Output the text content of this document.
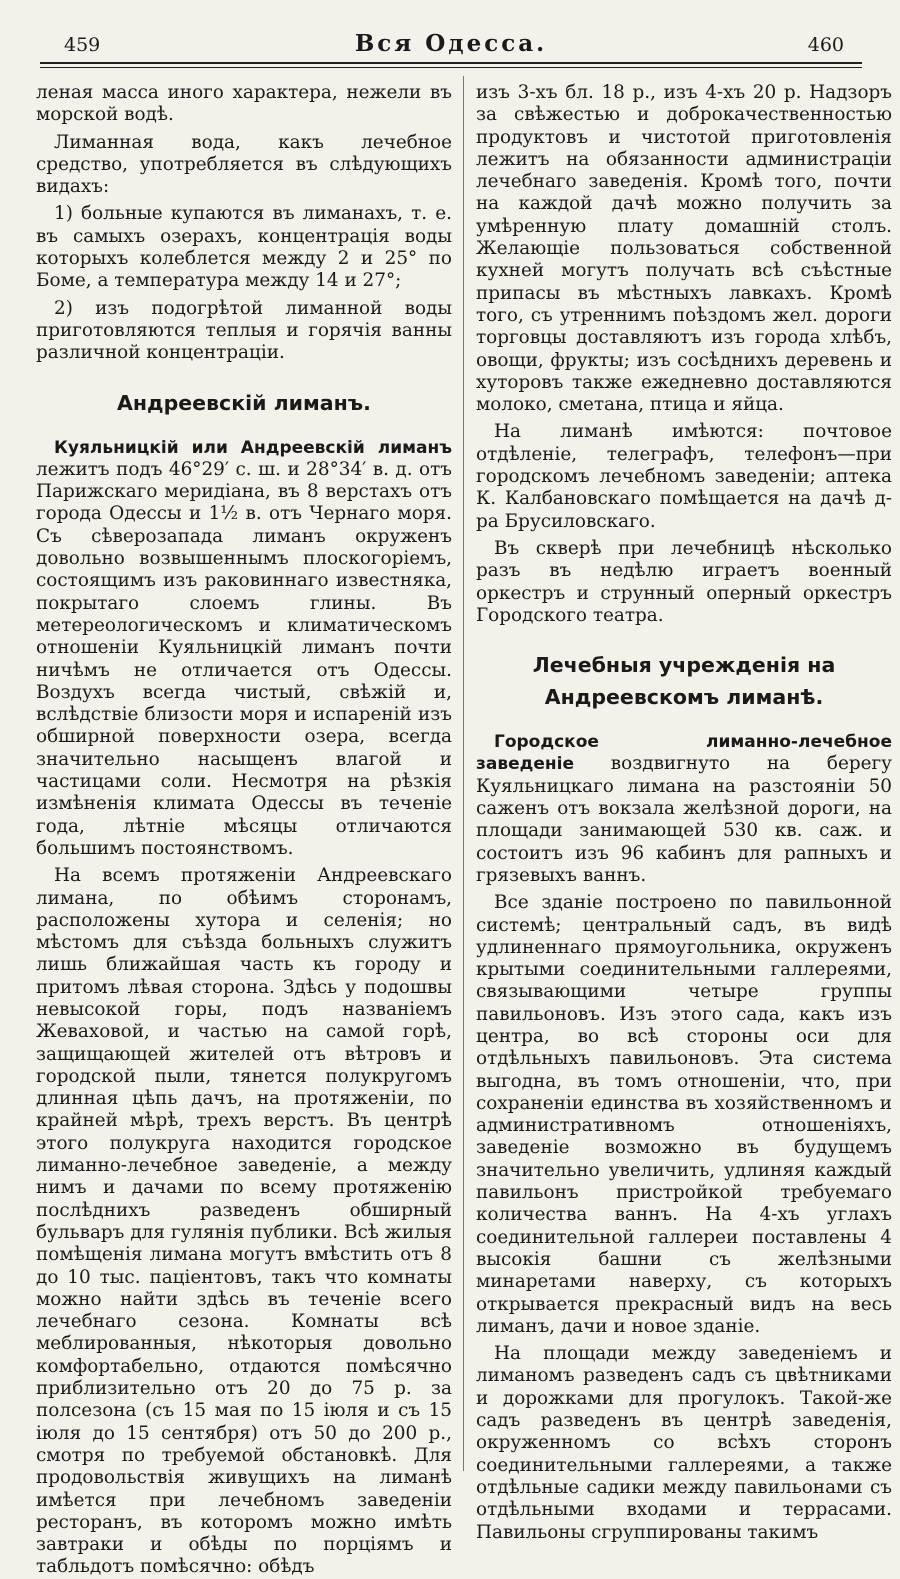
459	Вся Одесса.	460

леная масса иного характера, нежели въ морской водѣ.

Лиманная вода, какъ лечебное средство, употребляется въ слѣдующихъ видахъ:

1) больные купаются въ лиманахъ, т. е. въ самыхъ озерахъ, концентрація воды которыхъ колеблется между 2 и 25° по Боме, а температура между 14 и 27°;

2) изъ подогрѣтой лиманной воды приготовляются теплыя и горячія ванны различной концентраціи.

Андреевскій лиманъ.

Куяльницкій или Андреевскій лиманъ лежитъ подъ 46°29′ с. ш. и 28°34′ в. д. отъ Парижскаго меридіана, въ 8 верстахъ отъ города Одессы и 1½ в. отъ Чернаго моря. Съ сѣверозапада лиманъ окруженъ довольно возвышеннымъ плоскогоріемъ, состоящимъ изъ раковиннаго известняка, покрытаго слоемъ глины. Въ метереологическомъ и климатическомъ отношеніи Куяльницкій лиманъ почти ничѣмъ не отличается отъ Одессы. Воздухъ всегда чистый, свѣжій и, вслѣдствіе близости моря и испареній изъ обширной поверхности озера, всегда значительно насыщенъ влагой и частицами соли. Несмотря на рѣзкія измѣненія климата Одессы въ теченіе года, лѣтніе мѣсяцы отличаются большимъ постоянствомъ.

На всемъ протяженіи Андреевскаго лимана, по обѣимъ сторонамъ, расположены хутора и селенія; но мѣстомъ для съѣзда больныхъ служитъ лишь ближайшая часть къ городу и притомъ лѣвая сторона. Здѣсь у подошвы невысокой горы, подъ названіемъ Жеваховой, и частью на самой горѣ, защищающей жителей отъ вѣтровъ и городской пыли, тянется полукругомъ длинная цѣпь дачъ, на протяженіи, по крайней мѣрѣ, трехъ верстъ. Въ центрѣ этого полукруга находится городское лиманно-лечебное заведеніе, а между нимъ и дачами по всему протяженію послѣднихъ разведенъ обширный бульваръ для гулянія публики. Всѣ жилыя помѣщенія лимана могутъ вмѣстить отъ 8 до 10 тыс. паціентовъ, такъ что комнаты можно найти здѣсь въ теченіе всего лечебнаго сезона. Комнаты всѣ меблированныя, нѣкоторыя довольно комфортабельно, отдаются помѣсячно приблизительно отъ 20 до 75 р. за полсезона (съ 15 мая по 15 іюля и съ 15 іюля до 15 сентября) отъ 50 до 200 р., смотря по требуемой обстановкѣ. Для продовольствія живущихъ на лиманѣ имѣется при лечебномъ заведеніи ресторанъ, въ которомъ можно имѣть завтраки и обѣды по порціямъ и табльдотъ помѣсячно: обѣдъ

изъ 3-хъ бл. 18 р., изъ 4-хъ 20 р. Надзоръ за свѣжестью и доброкачественностью продуктовъ и чистотой приготовленія лежитъ на обязанности администраціи лечебнаго заведенія. Кромѣ того, почти на каждой дачѣ можно получить за умѣренную плату домашній столъ. Желающіе пользоваться собственной кухней могутъ получать всѣ съѣстные припасы въ мѣстныхъ лавкахъ. Кромѣ того, съ утреннимъ поѣздомъ жел. дороги торговцы доставляютъ изъ города хлѣбъ, овощи, фрукты; изъ сосѣднихъ деревень и хуторовъ также ежедневно доставляются молоко, сметана, птица и яйца.

На лиманѣ имѣются: почтовое отдѣленіе, телеграфъ, телефонъ—при городскомъ лечебномъ заведеніи; аптека К. Калбановскаго помѣщается на дачѣ д-ра Брусиловскаго.

Въ скверѣ при лечебницѣ нѣсколько разъ въ недѣлю играетъ военный оркестръ и струнный оперный оркестръ Городского театра.

Лечебныя учрежденія на Андреевскомъ лиманѣ.

Городское лиманно-лечебное заведеніе воздвигнуто на берегу Куяльницкаго лимана на разстояніи 50 саженъ отъ вокзала желѣзной дороги, на площади занимающей 530 кв. саж. и состоитъ изъ 96 кабинъ для рапныхъ и грязевыхъ ваннъ.

Все зданіе построено по павильонной системѣ; центральный садъ, въ видѣ удлиненнаго прямоугольника, окруженъ крытыми соединительными галлереями, связывающими четыре группы павильоновъ. Изъ этого сада, какъ изъ центра, во всѣ стороны оси для отдѣльныхъ павильоновъ. Эта система выгодна, въ томъ отношеніи, что, при сохраненіи единства въ хозяйственномъ и административномъ отношеніяхъ, заведеніе возможно въ будущемъ значительно увеличить, удлиняя каждый павильонъ пристройкой требуемаго количества ваннъ. На 4-хъ углахъ соединительной галлереи поставлены 4 высокія башни съ желѣзными минаретами наверху, съ которыхъ открывается прекрасный видъ на весь лиманъ, дачи и новое зданіе.

На площади между заведеніемъ и лиманомъ разведенъ садъ съ цвѣтниками и дорожками для прогулокъ. Такой-же садъ разведенъ въ центрѣ заведенія, окруженномъ со всѣхъ сторонъ соединительными галлереями, а также отдѣльные садики между павильонами съ отдѣльными входами и террасами. Павильоны сгруппированы такимъ
